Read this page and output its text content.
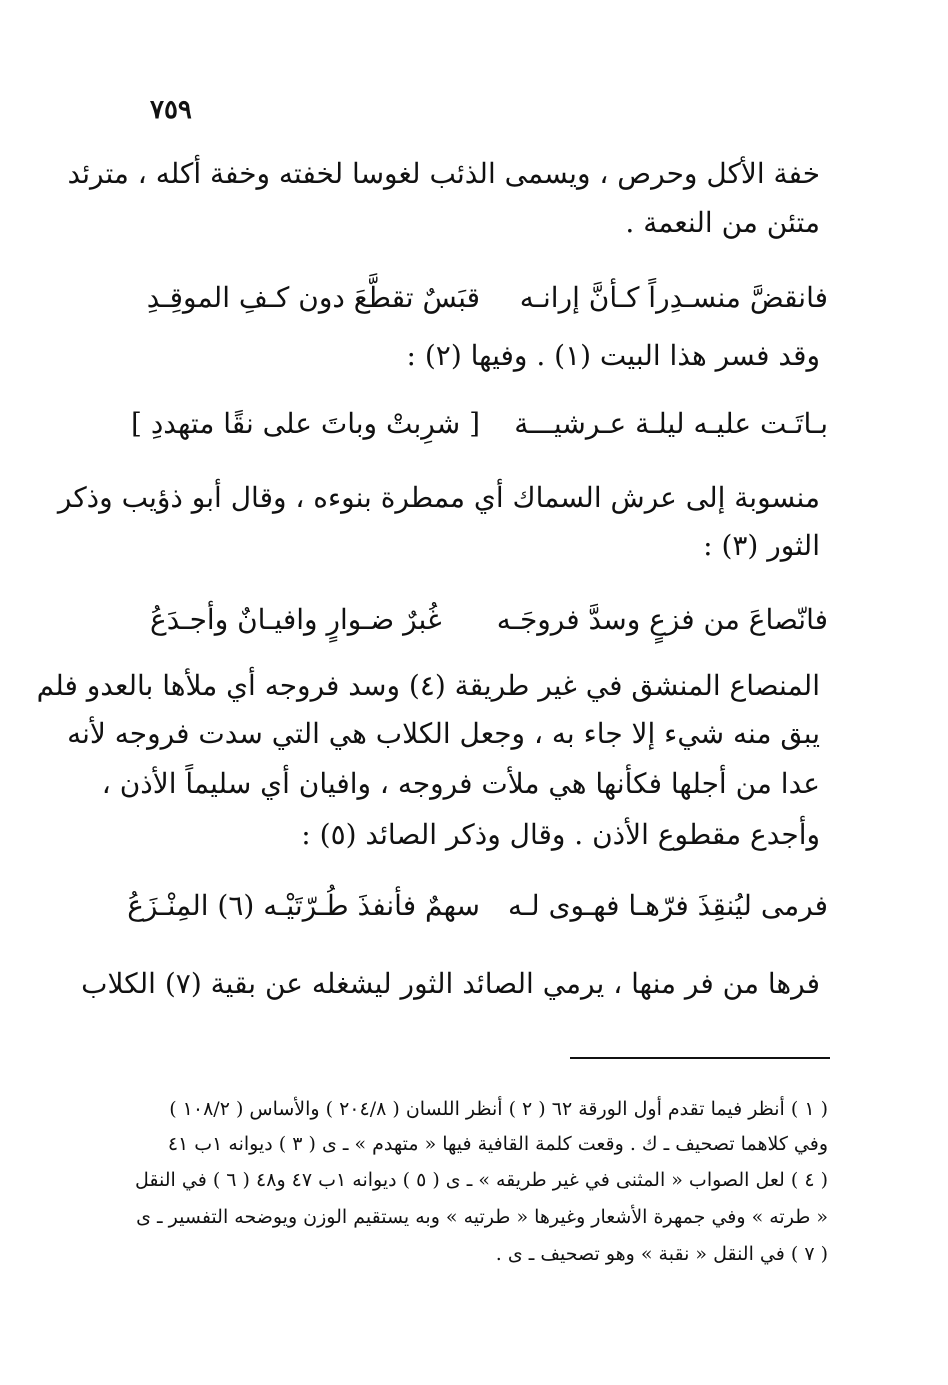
٧٥٩
خفة الأكل وحرص ، ويسمى الذئب لغوسا لخفته وخفة أكله ، مترئد
متئن من النعمة .
فانقضَّ منسـدِراً كـأنَّ إرانـه
قبَسٌ تقطَّعَ دون كـفِ الموقِـدِ
وقد فسر هذا البيت (١) . وفيها (٢) :
بـاتَـت عليـه ليلـة عـرشيـــة
[ شرِبتْ وباتَ على نقًا متهددِ ]
منسوبة إلى عرش السماك أي ممطرة بنوءه ، وقال أبو ذؤيب وذكر
الثور (٣) :
فانّصاعَ من فزعٍ وسدَّ فروجَـه
غُبرٌ ضـوارٍ وافيـانٌ وأجـدَعُ
المنصاع المنشق في غير طريقة (٤) وسد فروجه أي ملأها بالعدو فلم
يبق منه شيء إلا جاء به ، وجعل الكلاب هي التي سدت فروجه لأنه
عدا من أجلها فكأنها هي ملأت فروجه ، وافيان أي سليماً الأذن ،
وأجدع مقطوع الأذن . وقال وذكر الصائد (٥) :
فرمى ليُنقِذَ فرّهـا فهـوى لـه
سهمٌ فأنفذَ طُـرّتَيْـه (٦) المِنْـزَعُ
فرها من فر منها ، يرمي الصائد الثور ليشغله عن بقية (٧) الكلاب
( ١ ) أنظر فيما تقدم أول الورقة ٦٢ ( ٢ ) أنظر اللسان ( ٢٠٤/٨ ) والأساس ( ١٠٨/٢ )
وفي كلاهما تصحيف ـ ك . وقعت كلمة القافية فيها « متهدم » ـ ى ( ٣ ) ديوانه ١ب ٤١
( ٤ ) لعل الصواب « المثنى في غير طريقه » ـ ى ( ٥ ) ديوانه ١ب ٤٧ و٤٨ ( ٦ ) في النقل
« طرته » وفي جمهرة الأشعار وغيرها « طرتيه » وبه يستقيم الوزن ويوضحه التفسير ـ ى
( ٧ ) في النقل « نقبة » وهو تصحيف ـ ى .
